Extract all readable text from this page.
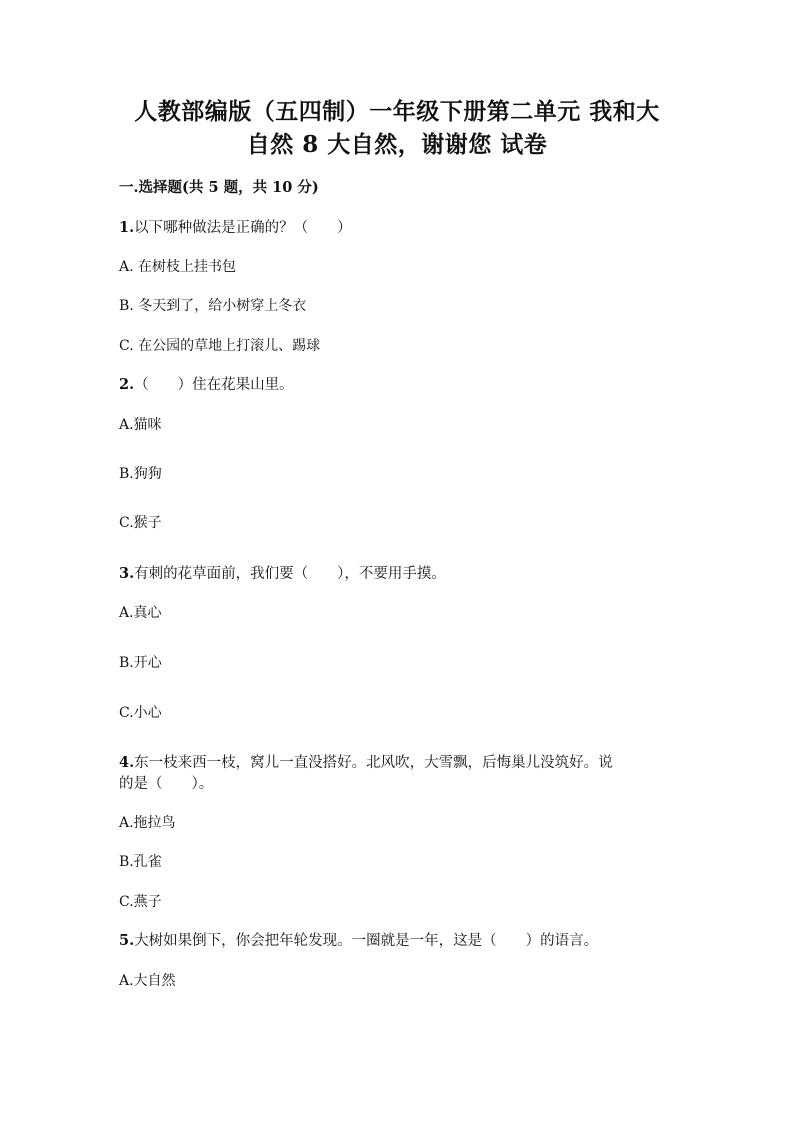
人教部编版（五四制）一年级下册第二单元 我和大
自然 8 大自然，谢谢您 试卷
一.选择题(共 5 题，共 10 分)
1.以下哪种做法是正确的？（　　）
A. 在树枝上挂书包
B. 冬天到了，给小树穿上冬衣
C. 在公园的草地上打滚儿、踢球
2.（　　）住在花果山里。
A.猫咪
B.狗狗
C.猴子
3.有刺的花草面前，我们要（　　），不要用手摸。
A.真心
B.开心
C.小心
4.东一枝来西一枝，窝儿一直没搭好。北风吹，大雪飘，后悔巢儿没筑好。说
的是（　　）。
A.拖拉鸟
B.孔雀
C.燕子
5.大树如果倒下，你会把年轮发现。一圈就是一年，这是（　　）的语言。
A.大自然
